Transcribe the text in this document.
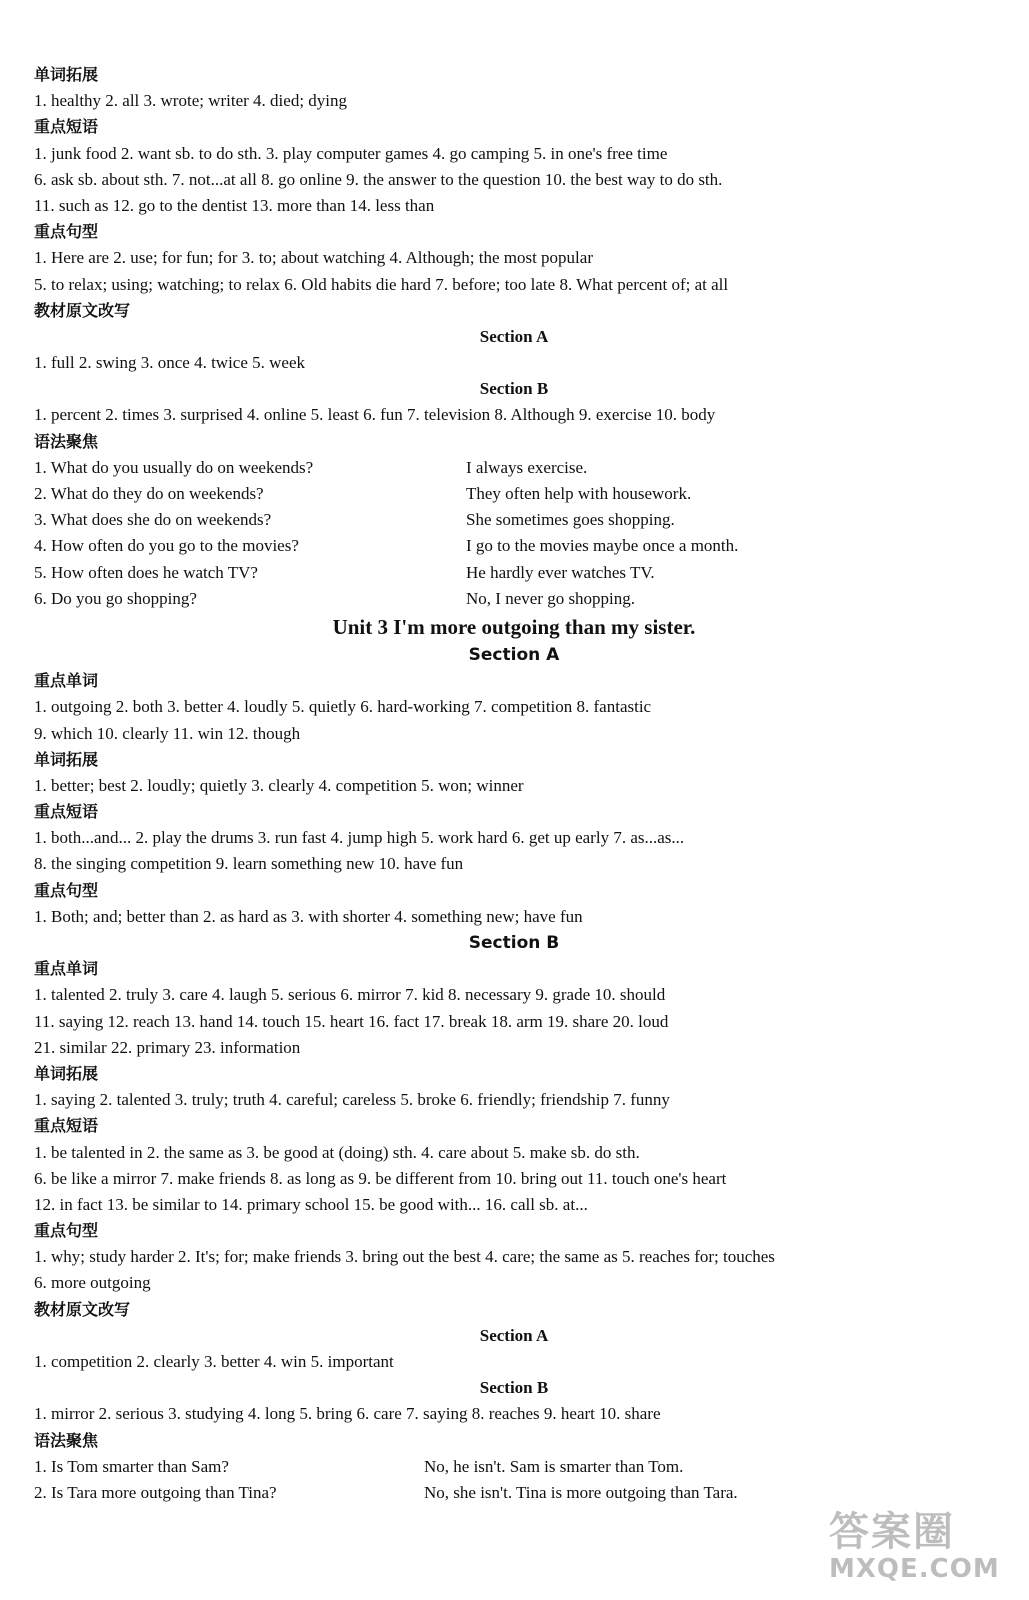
单词拓展
1. healthy 2. all 3. wrote; writer 4. died; dying
重点短语
1. junk food 2. want sb. to do sth. 3. play computer games 4. go camping 5. in one's free time
6. ask sb. about sth. 7. not...at all 8. go online 9. the answer to the question 10. the best way to do sth.
11. such as 12. go to the dentist 13. more than 14. less than
重点句型
1. Here are 2. use; for fun; for 3. to; about watching 4. Although; the most popular
5. to relax; using; watching; to relax 6. Old habits die hard 7. before; too late 8. What percent of; at all
教材原文改写
Section A
1. full 2. swing 3. once 4. twice 5. week
Section B
1. percent 2. times 3. surprised 4. online 5. least 6. fun 7. television 8. Although 9. exercise 10. body
语法聚焦
1. What do you usually do on weekends?	I always exercise.
2. What do they do on weekends?	They often help with housework.
3. What does she do on weekends?	She sometimes goes shopping.
4. How often do you go to the movies?	I go to the movies maybe once a month.
5. How often does he watch TV?	He hardly ever watches TV.
6. Do you go shopping?	No, I never go shopping.
Unit 3 I'm more outgoing than my sister.
Section A
重点单词
1. outgoing 2. both 3. better 4. loudly 5. quietly 6. hard-working 7. competition 8. fantastic
9. which 10. clearly 11. win 12. though
单词拓展
1. better; best 2. loudly; quietly 3. clearly 4. competition 5. won; winner
重点短语
1. both...and... 2. play the drums 3. run fast 4. jump high 5. work hard 6. get up early 7. as...as...
8. the singing competition 9. learn something new 10. have fun
重点句型
1. Both; and; better than 2. as hard as 3. with shorter 4. something new; have fun
Section B
重点单词
1. talented 2. truly 3. care 4. laugh 5. serious 6. mirror 7. kid 8. necessary 9. grade 10. should
11. saying 12. reach 13. hand 14. touch 15. heart 16. fact 17. break 18. arm 19. share 20. loud
21. similar 22. primary 23. information
单词拓展
1. saying 2. talented 3. truly; truth 4. careful; careless 5. broke 6. friendly; friendship 7. funny
重点短语
1. be talented in 2. the same as 3. be good at (doing) sth. 4. care about 5. make sb. do sth.
6. be like a mirror 7. make friends 8. as long as 9. be different from 10. bring out 11. touch one's heart
12. in fact 13. be similar to 14. primary school 15. be good with... 16. call sb. at...
重点句型
1. why; study harder 2. It's; for; make friends 3. bring out the best 4. care; the same as 5. reaches for; touches
6. more outgoing
教材原文改写
Section A
1. competition 2. clearly 3. better 4. win 5. important
Section B
1. mirror 2. serious 3. studying 4. long 5. bring 6. care 7. saying 8. reaches 9. heart 10. share
语法聚焦
1. Is Tom smarter than Sam?	No, he isn't. Sam is smarter than Tom.
2. Is Tara more outgoing than Tina?	No, she isn't. Tina is more outgoing than Tara.
答案圈
MXQE.COM
